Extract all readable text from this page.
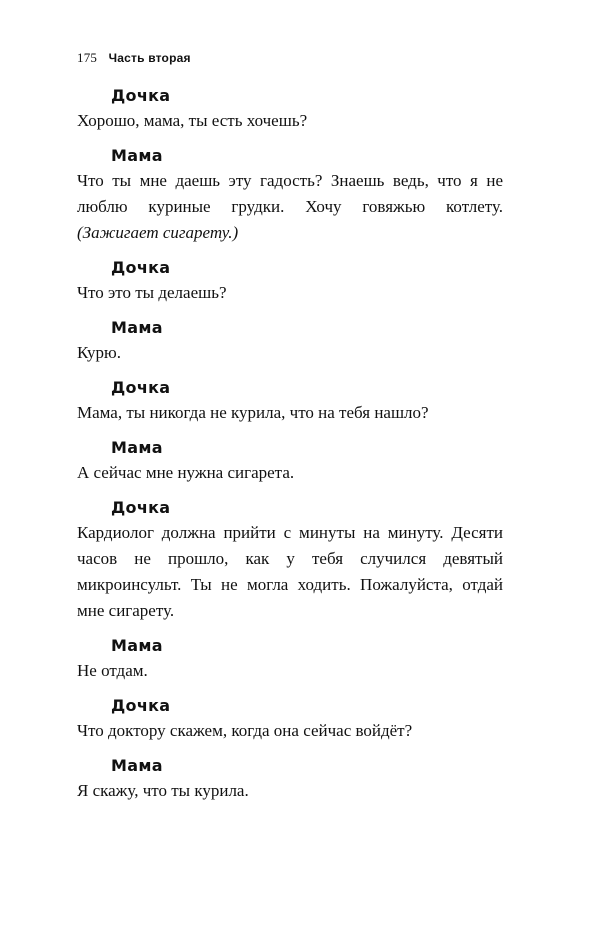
175 Часть вторая
Дочка
Хорошо, мама, ты есть хочешь?
Мама
Что ты мне даешь эту гадость? Знаешь ведь, что я не люблю куриные грудки. Хочу говяжью котлету. (Зажигает сигарету.)
Дочка
Что это ты делаешь?
Мама
Курю.
Дочка
Мама, ты никогда не курила, что на тебя нашло?
Мама
А сейчас мне нужна сигарета.
Дочка
Кардиолог должна прийти с минуты на минуту. Десяти часов не прошло, как у тебя случился девятый микроинсульт. Ты не могла ходить. Пожалуйста, отдай мне сигарету.
Мама
Не отдам.
Дочка
Что доктору скажем, когда она сейчас войдёт?
Мама
Я скажу, что ты курила.
